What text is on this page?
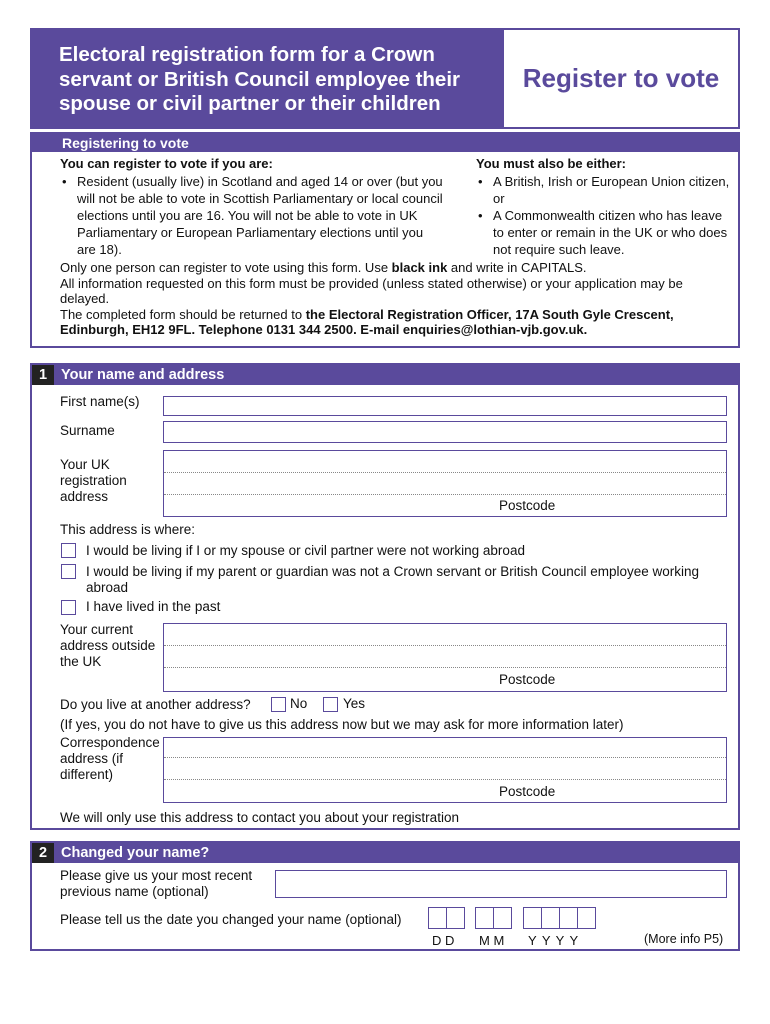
Electoral registration form for a Crown
servant or British Council employee their
spouse or civil partner or their children
Register to vote
Registering to vote
You can register to vote if you are:
• Resident (usually live) in Scotland and aged 14 or over (but you will not be able to vote in Scottish Parliamentary or local council elections until you are 16. You will not be able to vote in UK Parliamentary or European Parliamentary elections until you are 18).
You must also be either:
• A British, Irish or European Union citizen, or
• A Commonwealth citizen who has leave to enter or remain in the UK or who does not require such leave.
Only one person can register to vote using this form. Use black ink and write in CAPITALS.
All information requested on this form must be provided (unless stated otherwise) or your application may be delayed.
The completed form should be returned to the Electoral Registration Officer, 17A South Gyle Crescent, Edinburgh, EH12 9FL. Telephone 0131 344 2500. E-mail enquiries@lothian-vjb.gov.uk.
1 Your name and address
First name(s)
Surname
Your UK registration address
Postcode
This address is where:
I would be living if I or my spouse or civil partner were not working abroad
I would be living if my parent or guardian was not a Crown servant or British Council employee working abroad
I have lived in the past
Your current address outside the UK
Postcode
Do you live at another address?	No	Yes
(If yes, you do not have to give us this address now but we may ask for more information later)
Correspondence address (if different)
Postcode
We will only use this address to contact you about your registration
2 Changed your name?
Please give us your most recent previous name (optional)
Please tell us the date you changed your name (optional)
D D M M Y Y Y Y	(More info P5)
